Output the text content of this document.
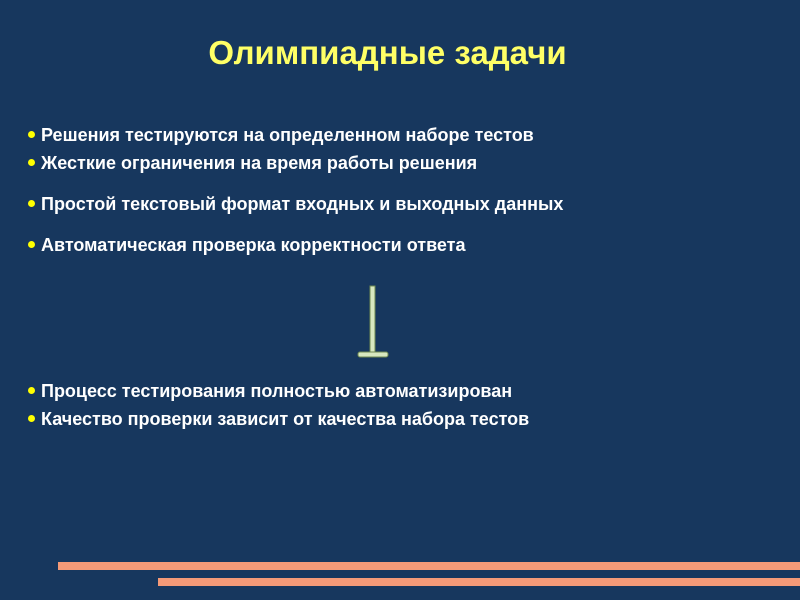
Олимпиадные задачи
Решения тестируются на определенном наборе тестов
Жесткие ограничения на время работы решения
Простой текстовый формат входных и выходных данных
Автоматическая проверка корректности ответа
Процесс тестирования полностью автоматизирован
Качество проверки зависит от качества набора тестов
